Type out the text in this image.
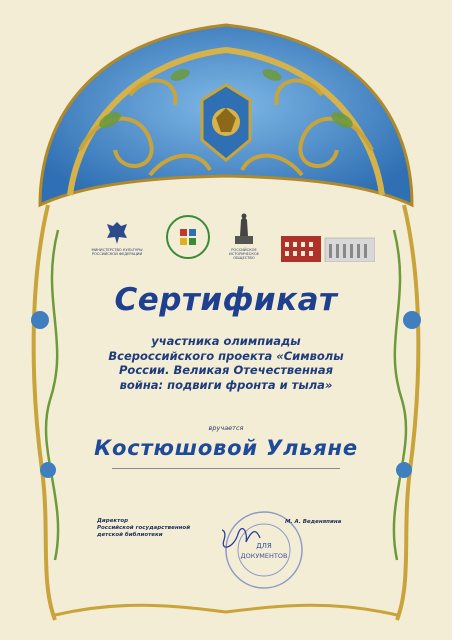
МИНИСТЕРСТВО КУЛЬТУРЫ
РОССИЙСКОЙ ФЕДЕРАЦИИ
РОССИЙСКОЕ
ИСТОРИЧЕСКОЕ
ОБЩЕСТВО
Сертификат
участника олимпиады
Всероссийского проекта «Символы
России. Великая Отечественная
война: подвиги фронта и тыла»
вручается
Костюшовой Ульяне
Директор
Российской государственной
детской библиотеки
ДЛЯ
ДОКУМЕНТОВ
М. А. Веденяпина
